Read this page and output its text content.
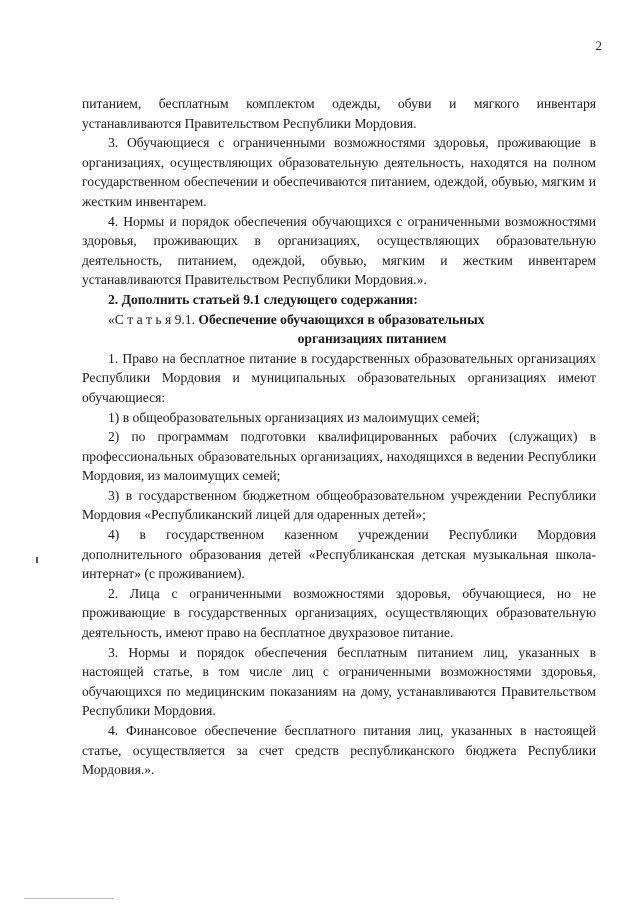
2

питанием, бесплатным комплектом одежды, обуви и мягкого инвентаря устанавливаются Правительством Республики Мордовия.

3. Обучающиеся с ограниченными возможностями здоровья, проживающие в организациях, осуществляющих образовательную деятельность, находятся на полном государственном обеспечении и обеспечиваются питанием, одеждой, обувью, мягким и жестким инвентарем.

4. Нормы и порядок обеспечения обучающихся с ограниченными возможностями здоровья, проживающих в организациях, осуществляющих образовательную деятельность, питанием, одеждой, обувью, мягким и жестким инвентарем устанавливаются Правительством Республики Мордовия.».

2. Дополнить статьей 9.1 следующего содержания:

«С т а т ь я 9.1. Обеспечение обучающихся в образовательных
организациях питанием

1. Право на бесплатное питание в государственных образовательных организациях Республики Мордовия и муниципальных образовательных организациях имеют обучающиеся:

1) в общеобразовательных организациях из малоимущих семей;

2) по программам подготовки квалифицированных рабочих (служащих) в профессиональных образовательных организациях, находящихся в ведении Республики Мордовия, из малоимущих семей;

3) в государственном бюджетном общеобразовательном учреждении Республики Мордовия «Республиканский лицей для одаренных детей»;

4) в государственном казенном учреждении Республики Мордовия дополнительного образования детей «Республиканская детская музыкальная школа-интернат» (с проживанием).

2. Лица с ограниченными возможностями здоровья, обучающиеся, но не проживающие в государственных организациях, осуществляющих образовательную деятельность, имеют право на бесплатное двухразовое питание.

3. Нормы и порядок обеспечения бесплатным питанием лиц, указанных в настоящей статье, в том числе лиц с ограниченными возможностями здоровья, обучающихся по медицинским показаниям на дому, устанавливаются Правительством Республики Мордовия.

4. Финансовое обеспечение бесплатного питания лиц, указанных в настоящей статье, осуществляется за счет средств республиканского бюджета Республики Мордовия.».
